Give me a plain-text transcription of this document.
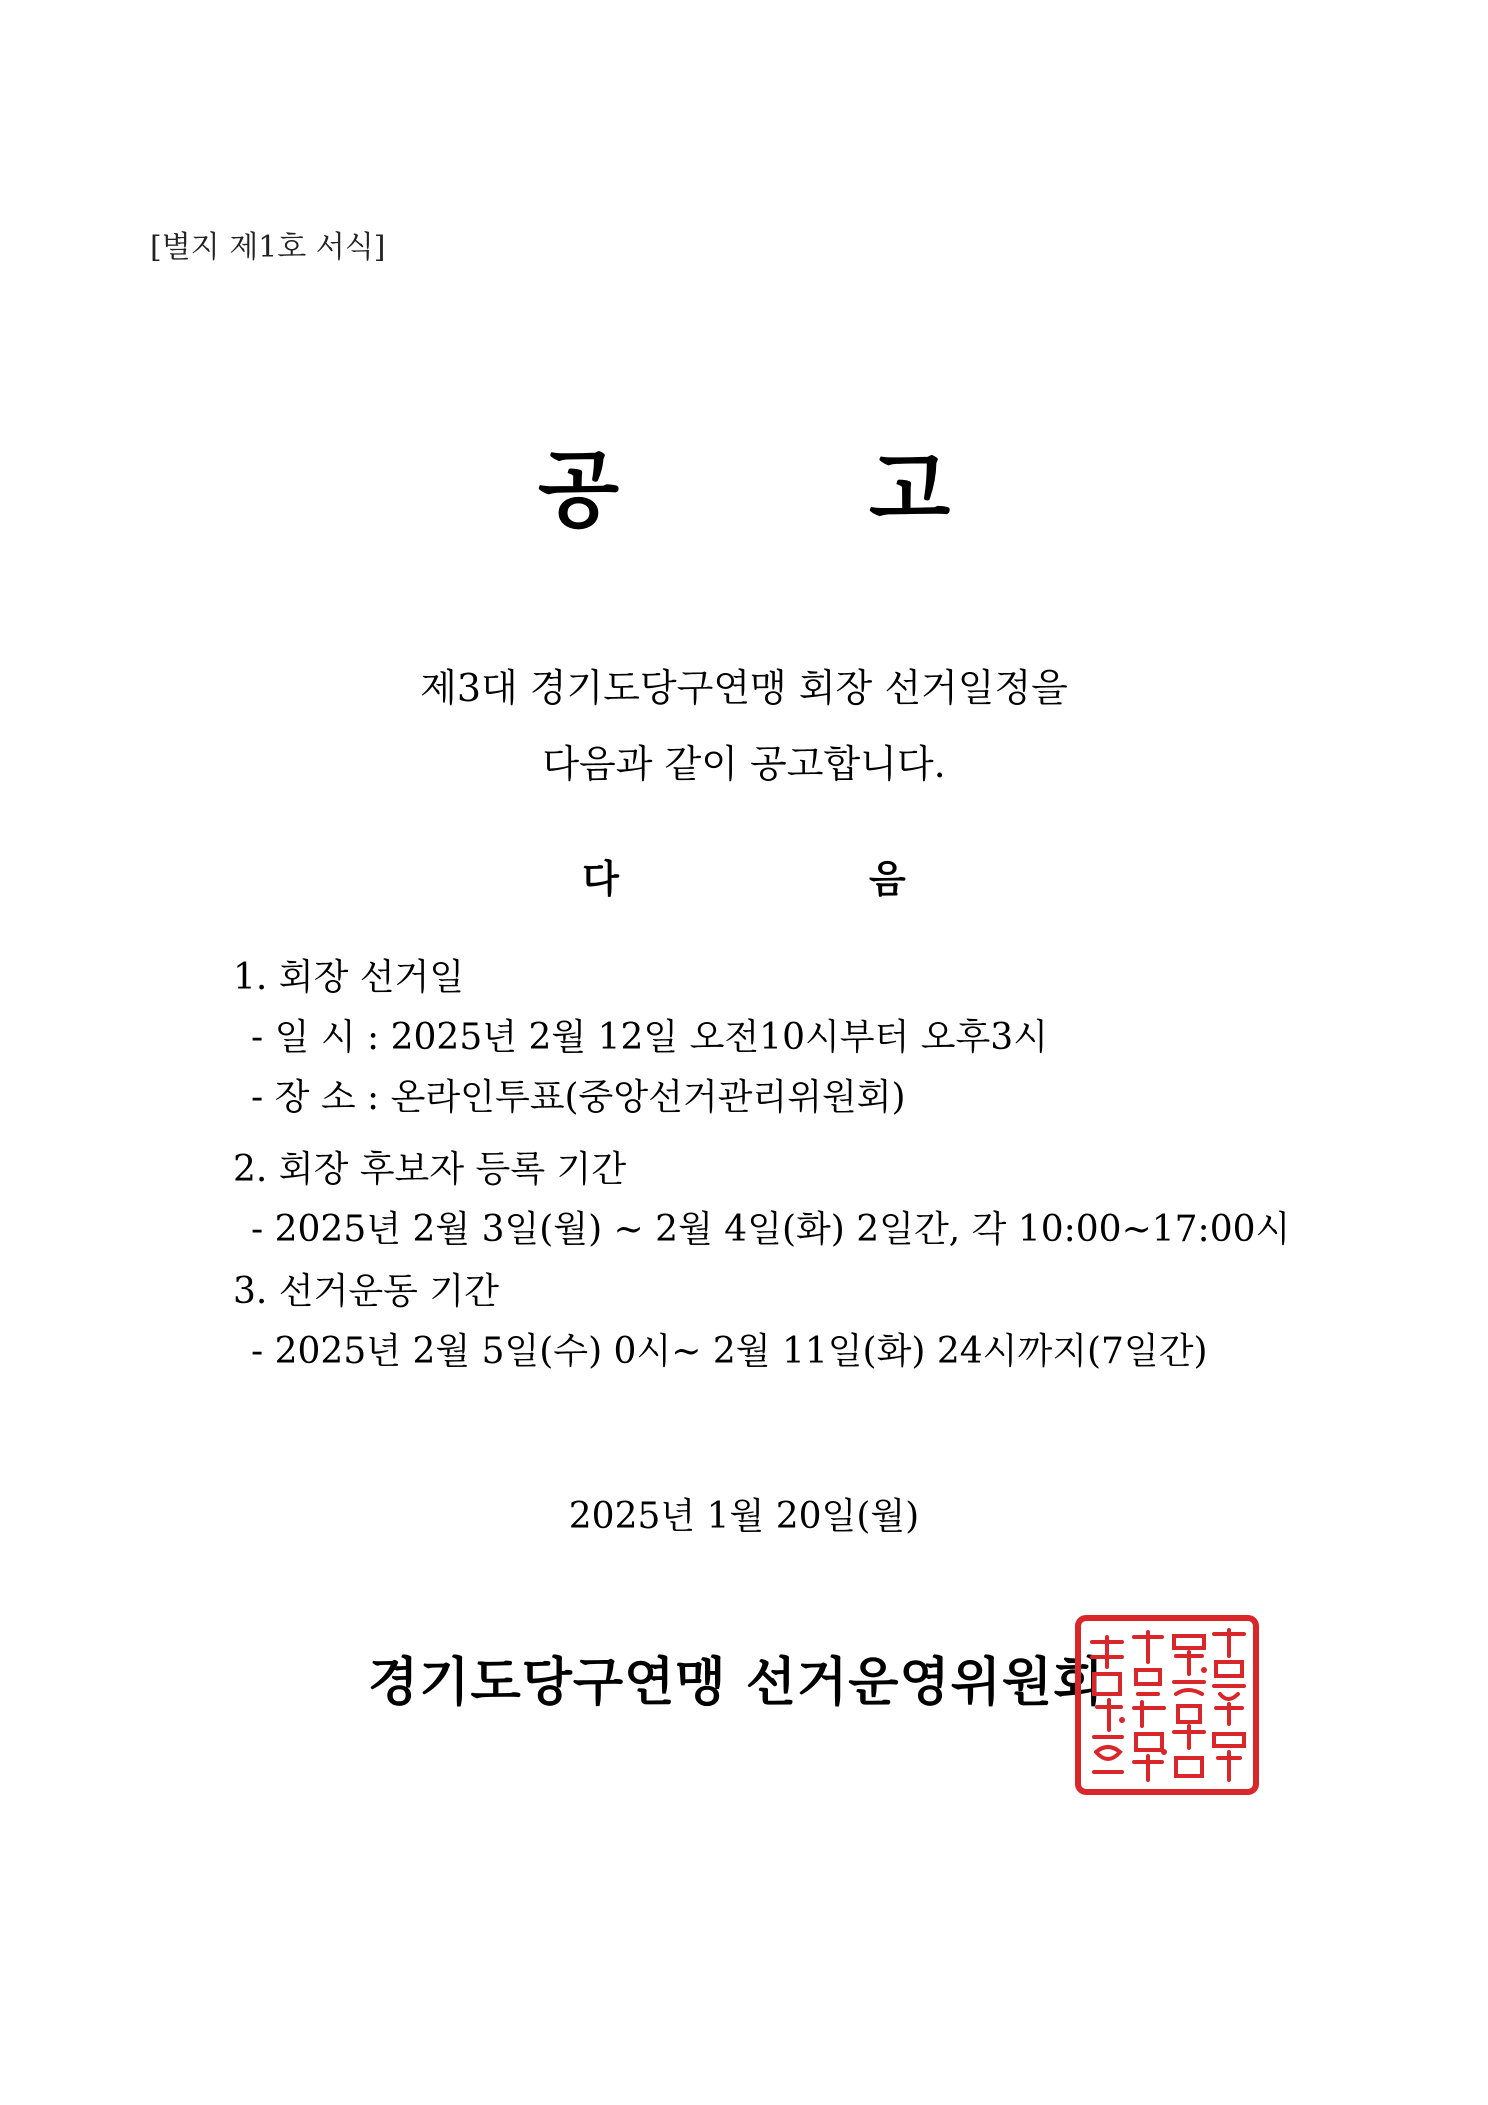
[별지 제1호 서식]
공	고
제3대 경기도당구연맹 회장 선거일정을
다음과 같이 공고합니다.
다	음
1. 회장 선거일
- 일 시 : 2025년 2월 12일 오전10시부터 오후3시
- 장 소 : 온라인투표(중앙선거관리위원회)
2. 회장 후보자 등록 기간
- 2025년 2월 3일(월) ~ 2월 4일(화) 2일간, 각 10:00~17:00시
3. 선거운동 기간
- 2025년 2월 5일(수) 0시~ 2월 11일(화) 24시까지(7일간)
2025년 1월 20일(월)
경기도당구연맹 선거운영위원회
